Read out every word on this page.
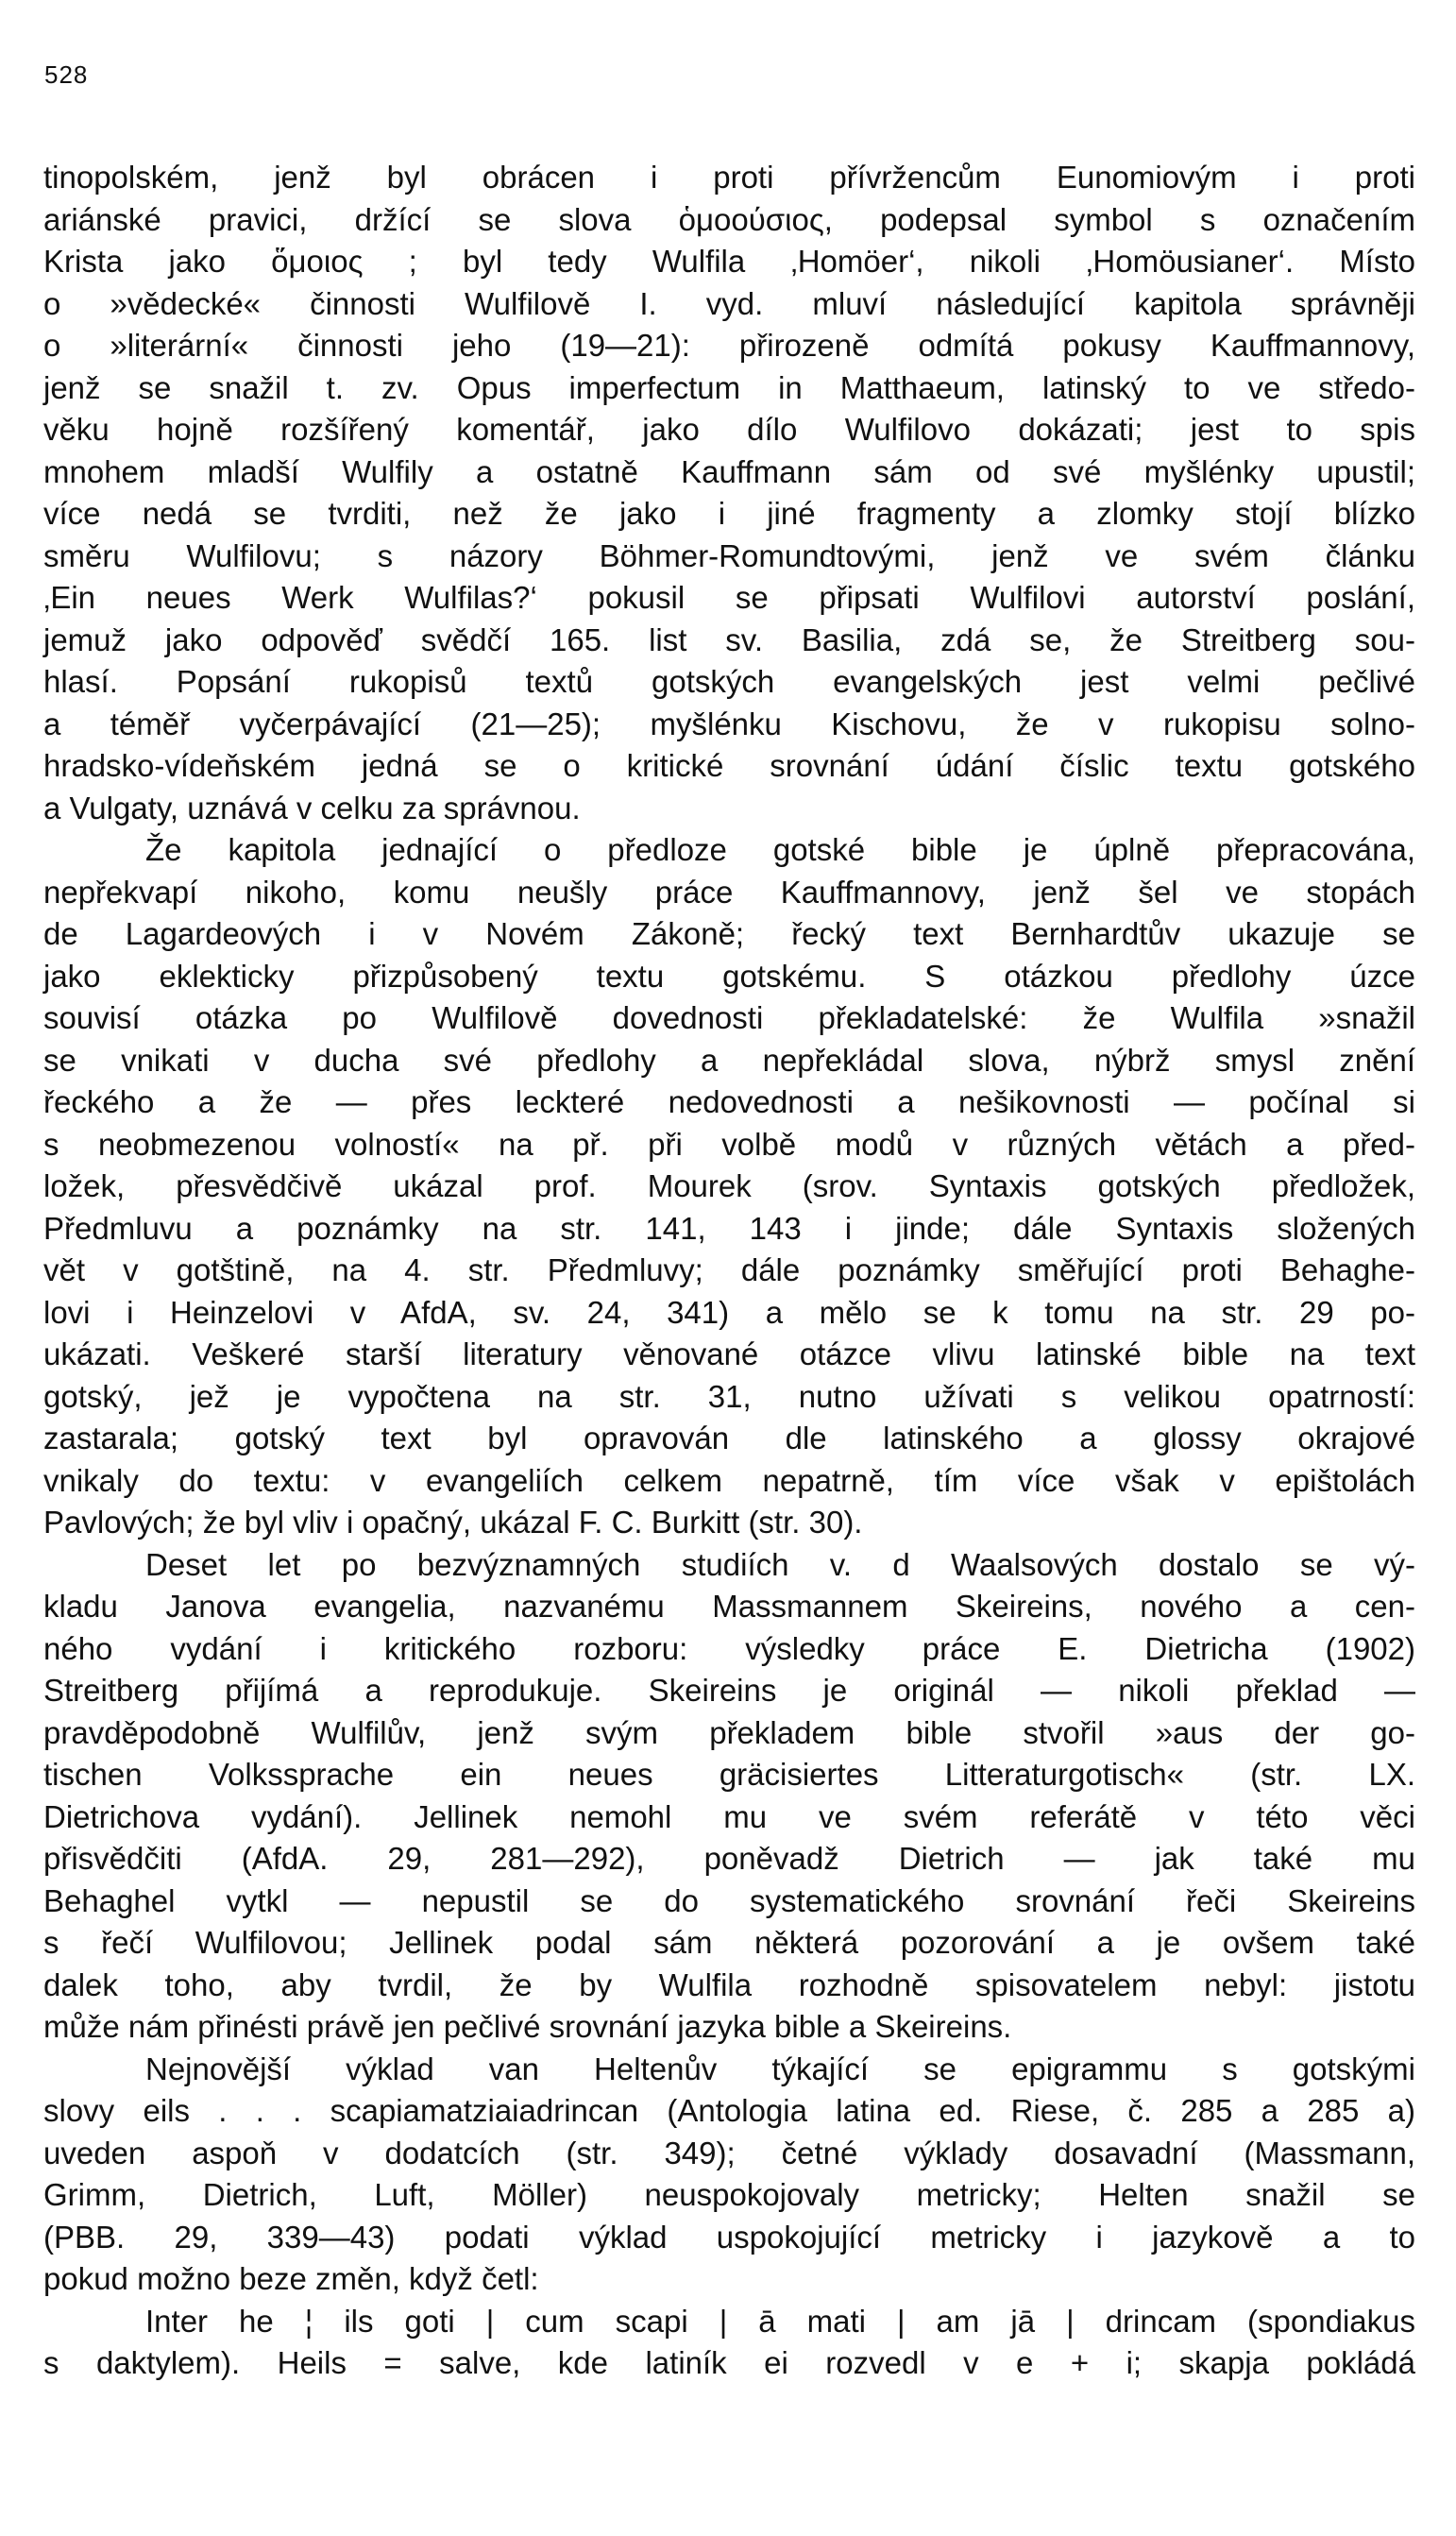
528
tinopolském, jenž byl obrácen i proti přívržencům Eunomiovým i proti
ariánské pravici, držící se slova ὁμοούσιος, podepsal symbol s označením
Krista jako ὅμοιος ; byl tedy Wulfila ‚Homöer‘, nikoli ‚Homöusianer‘. Místo
o »vědecké« činnosti Wulfilově I. vyd. mluví následující kapitola správněji
o »literární« činnosti jeho (19—21): přirozeně odmítá pokusy Kauffmannovy,
jenž se snažil t. zv. Opus imperfectum in Matthaeum, latinský to ve středo-
věku hojně rozšířený komentář, jako dílo Wulfilovo dokázati; jest to spis
mnohem mladší Wulfily a ostatně Kauffmann sám od své myšlénky upustil;
více nedá se tvrditi, než že jako i jiné fragmenty a zlomky stojí blízko
směru Wulfilovu; s názory Böhmer-Romundtovými, jenž ve svém článku
‚Ein neues Werk Wulfilas?‘ pokusil se připsati Wulfilovi autorství poslání,
jemuž jako odpověď svědčí 165. list sv. Basilia, zdá se, že Streitberg sou-
hlasí. Popsání rukopisů textů gotských evangelských jest velmi pečlivé
a téměř vyčerpávající (21—25); myšlénku Kischovu, že v rukopisu solno-
hradsko-vídeňském jedná se o kritické srovnání údání číslic textu gotského
a Vulgaty, uznává v celku za správnou.
Že kapitola jednající o předloze gotské bible je úplně přepracována,
nepřekvapí nikoho, komu neušly práce Kauffmannovy, jenž šel ve stopách
de Lagardeových i v Novém Zákoně; řecký text Bernhardtův ukazuje se
jako eklekticky přizpůsobený textu gotskému. S otázkou předlohy úzce
souvisí otázka po Wulfilově dovednosti překladatelské: že Wulfila »snažil
se vnikati v ducha své předlohy a nepřekládal slova, nýbrž smysl znění
řeckého a že — přes leckteré nedovednosti a nešikovnosti — počínal si
s neobmezenou volností« na př. při volbě modů v různých větách a před-
ložek, přesvědčivě ukázal prof. Mourek (srov. Syntaxis gotských předložek,
Předmluvu a poznámky na str. 141, 143 i jinde; dále Syntaxis složených
vět v gotštině, na 4. str. Předmluvy; dále poznámky směřující proti Behaghe-
lovi i Heinzelovi v AfdA, sv. 24, 341) a mělo se k tomu na str. 29 po-
ukázati. Veškeré starší literatury věnované otázce vlivu latinské bible na text
gotský, jež je vypočtena na str. 31, nutno užívati s velikou opatrností:
zastarala; gotský text byl opravován dle latinského a glossy okrajové
vnikaly do textu: v evangeliích celkem nepatrně, tím více však v epištolách
Pavlových; že byl vliv i opačný, ukázal F. C. Burkitt (str. 30).
Deset let po bezvýznamných studiích v. d Waalsových dostalo se vý-
kladu Janova evangelia, nazvanému Massmannem Skeireins, nového a cen-
ného vydání i kritického rozboru: výsledky práce E. Dietricha (1902)
Streitberg přijímá a reprodukuje. Skeireins je originál — nikoli překlad —
pravděpodobně Wulfilův, jenž svým překladem bible stvořil »aus der go-
tischen Volkssprache ein neues gräcisiertes Litteraturgotisch« (str. LX.
Dietrichova vydání). Jellinek nemohl mu ve svém referátě v této věci
přisvědčiti (AfdA. 29, 281—292), poněvadž Dietrich — jak také mu
Behaghel vytkl — nepustil se do systematického srovnání řeči Skeireins
s řečí Wulfilovou; Jellinek podal sám některá pozorování a je ovšem také
dalek toho, aby tvrdil, že by Wulfila rozhodně spisovatelem nebyl: jistotu
může nám přinésti právě jen pečlivé srovnání jazyka bible a Skeireins.
Nejnovější výklad van Heltenův týkající se epigrammu s gotskými
slovy eils . . . scapiamatziaiadrincan (Antologia latina ed. Riese, č. 285 a 285 a)
uveden aspoň v dodatcích (str. 349); četné výklady dosavadní (Massmann,
Grimm, Dietrich, Luft, Möller) neuspokojovaly metricky; Helten snažil se
(PBB. 29, 339—43) podati výklad uspokojující metricky i jazykově a to
pokud možno beze změn, když četl:
Inter he ¦ ils goti | cum scapi | ā mati | am jā | drincam (spondiakus
s daktylem). Heils = salve, kde latiník ei rozvedl v e + i; skapja pokládá
